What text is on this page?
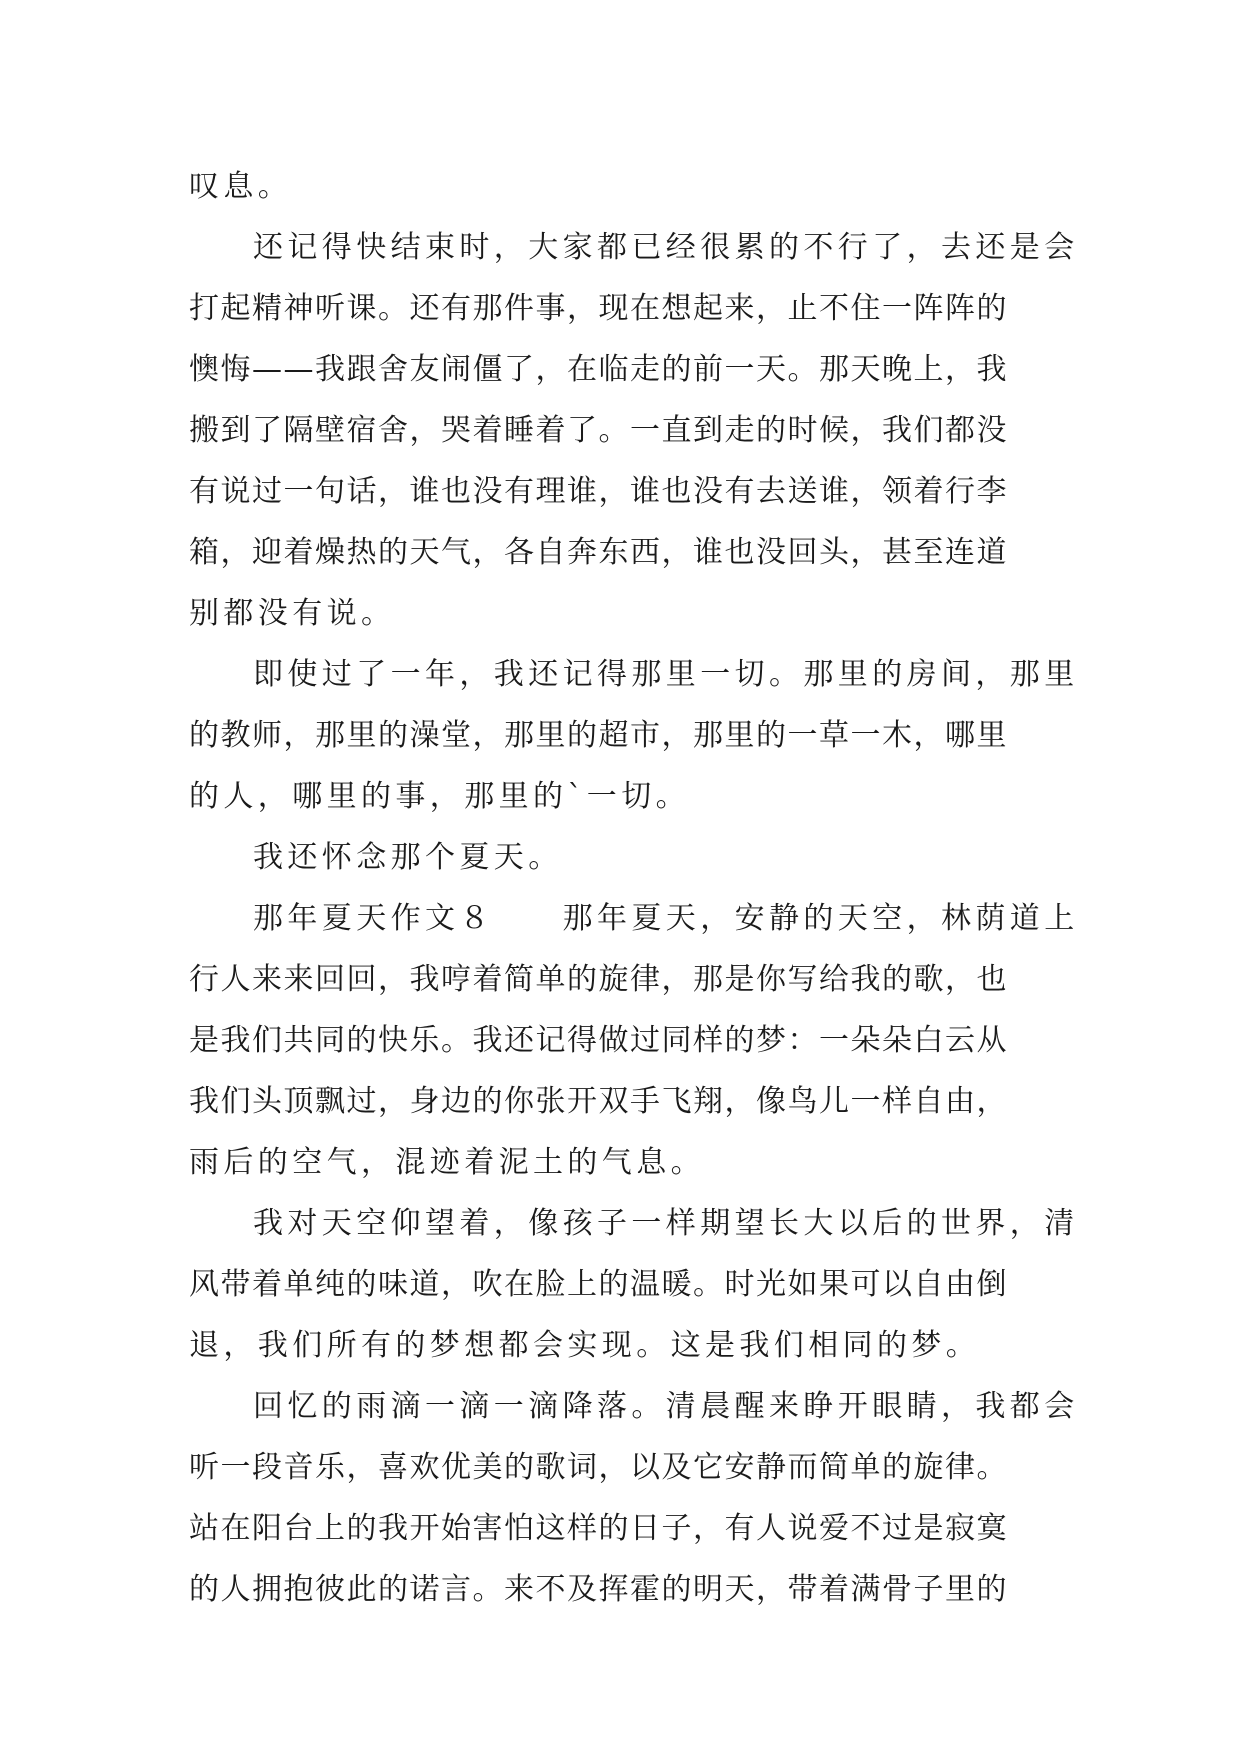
叹息。
还记得快结束时，大家都已经很累的不行了，去还是会
打起精神听课。还有那件事，现在想起来，止不住一阵阵的
懊悔——我跟舍友闹僵了，在临走的前一天。那天晚上，我
搬到了隔壁宿舍，哭着睡着了。一直到走的时候，我们都没
有说过一句话，谁也没有理谁，谁也没有去送谁，领着行李
箱，迎着燥热的天气，各自奔东西，谁也没回头，甚至连道
别都没有说。
即使过了一年，我还记得那里一切。那里的房间，那里
的教师，那里的澡堂，那里的超市，那里的一草一木，哪里
的人，哪里的事，那里的`一切。
我还怀念那个夏天。
那年夏天作文８　　那年夏天，安静的天空，林荫道上
行人来来回回，我哼着简单的旋律，那是你写给我的歌，也
是我们共同的快乐。我还记得做过同样的梦：一朵朵白云从
我们头顶飘过，身边的你张开双手飞翔，像鸟儿一样自由，
雨后的空气，混迹着泥土的气息。
我对天空仰望着，像孩子一样期望长大以后的世界，清
风带着单纯的味道，吹在脸上的温暖。时光如果可以自由倒
退，我们所有的梦想都会实现。这是我们相同的梦。
回忆的雨滴一滴一滴降落。清晨醒来睁开眼睛，我都会
听一段音乐，喜欢优美的歌词，以及它安静而简单的旋律。
站在阳台上的我开始害怕这样的日子，有人说爱不过是寂寞
的人拥抱彼此的诺言。来不及挥霍的明天，带着满骨子里的
